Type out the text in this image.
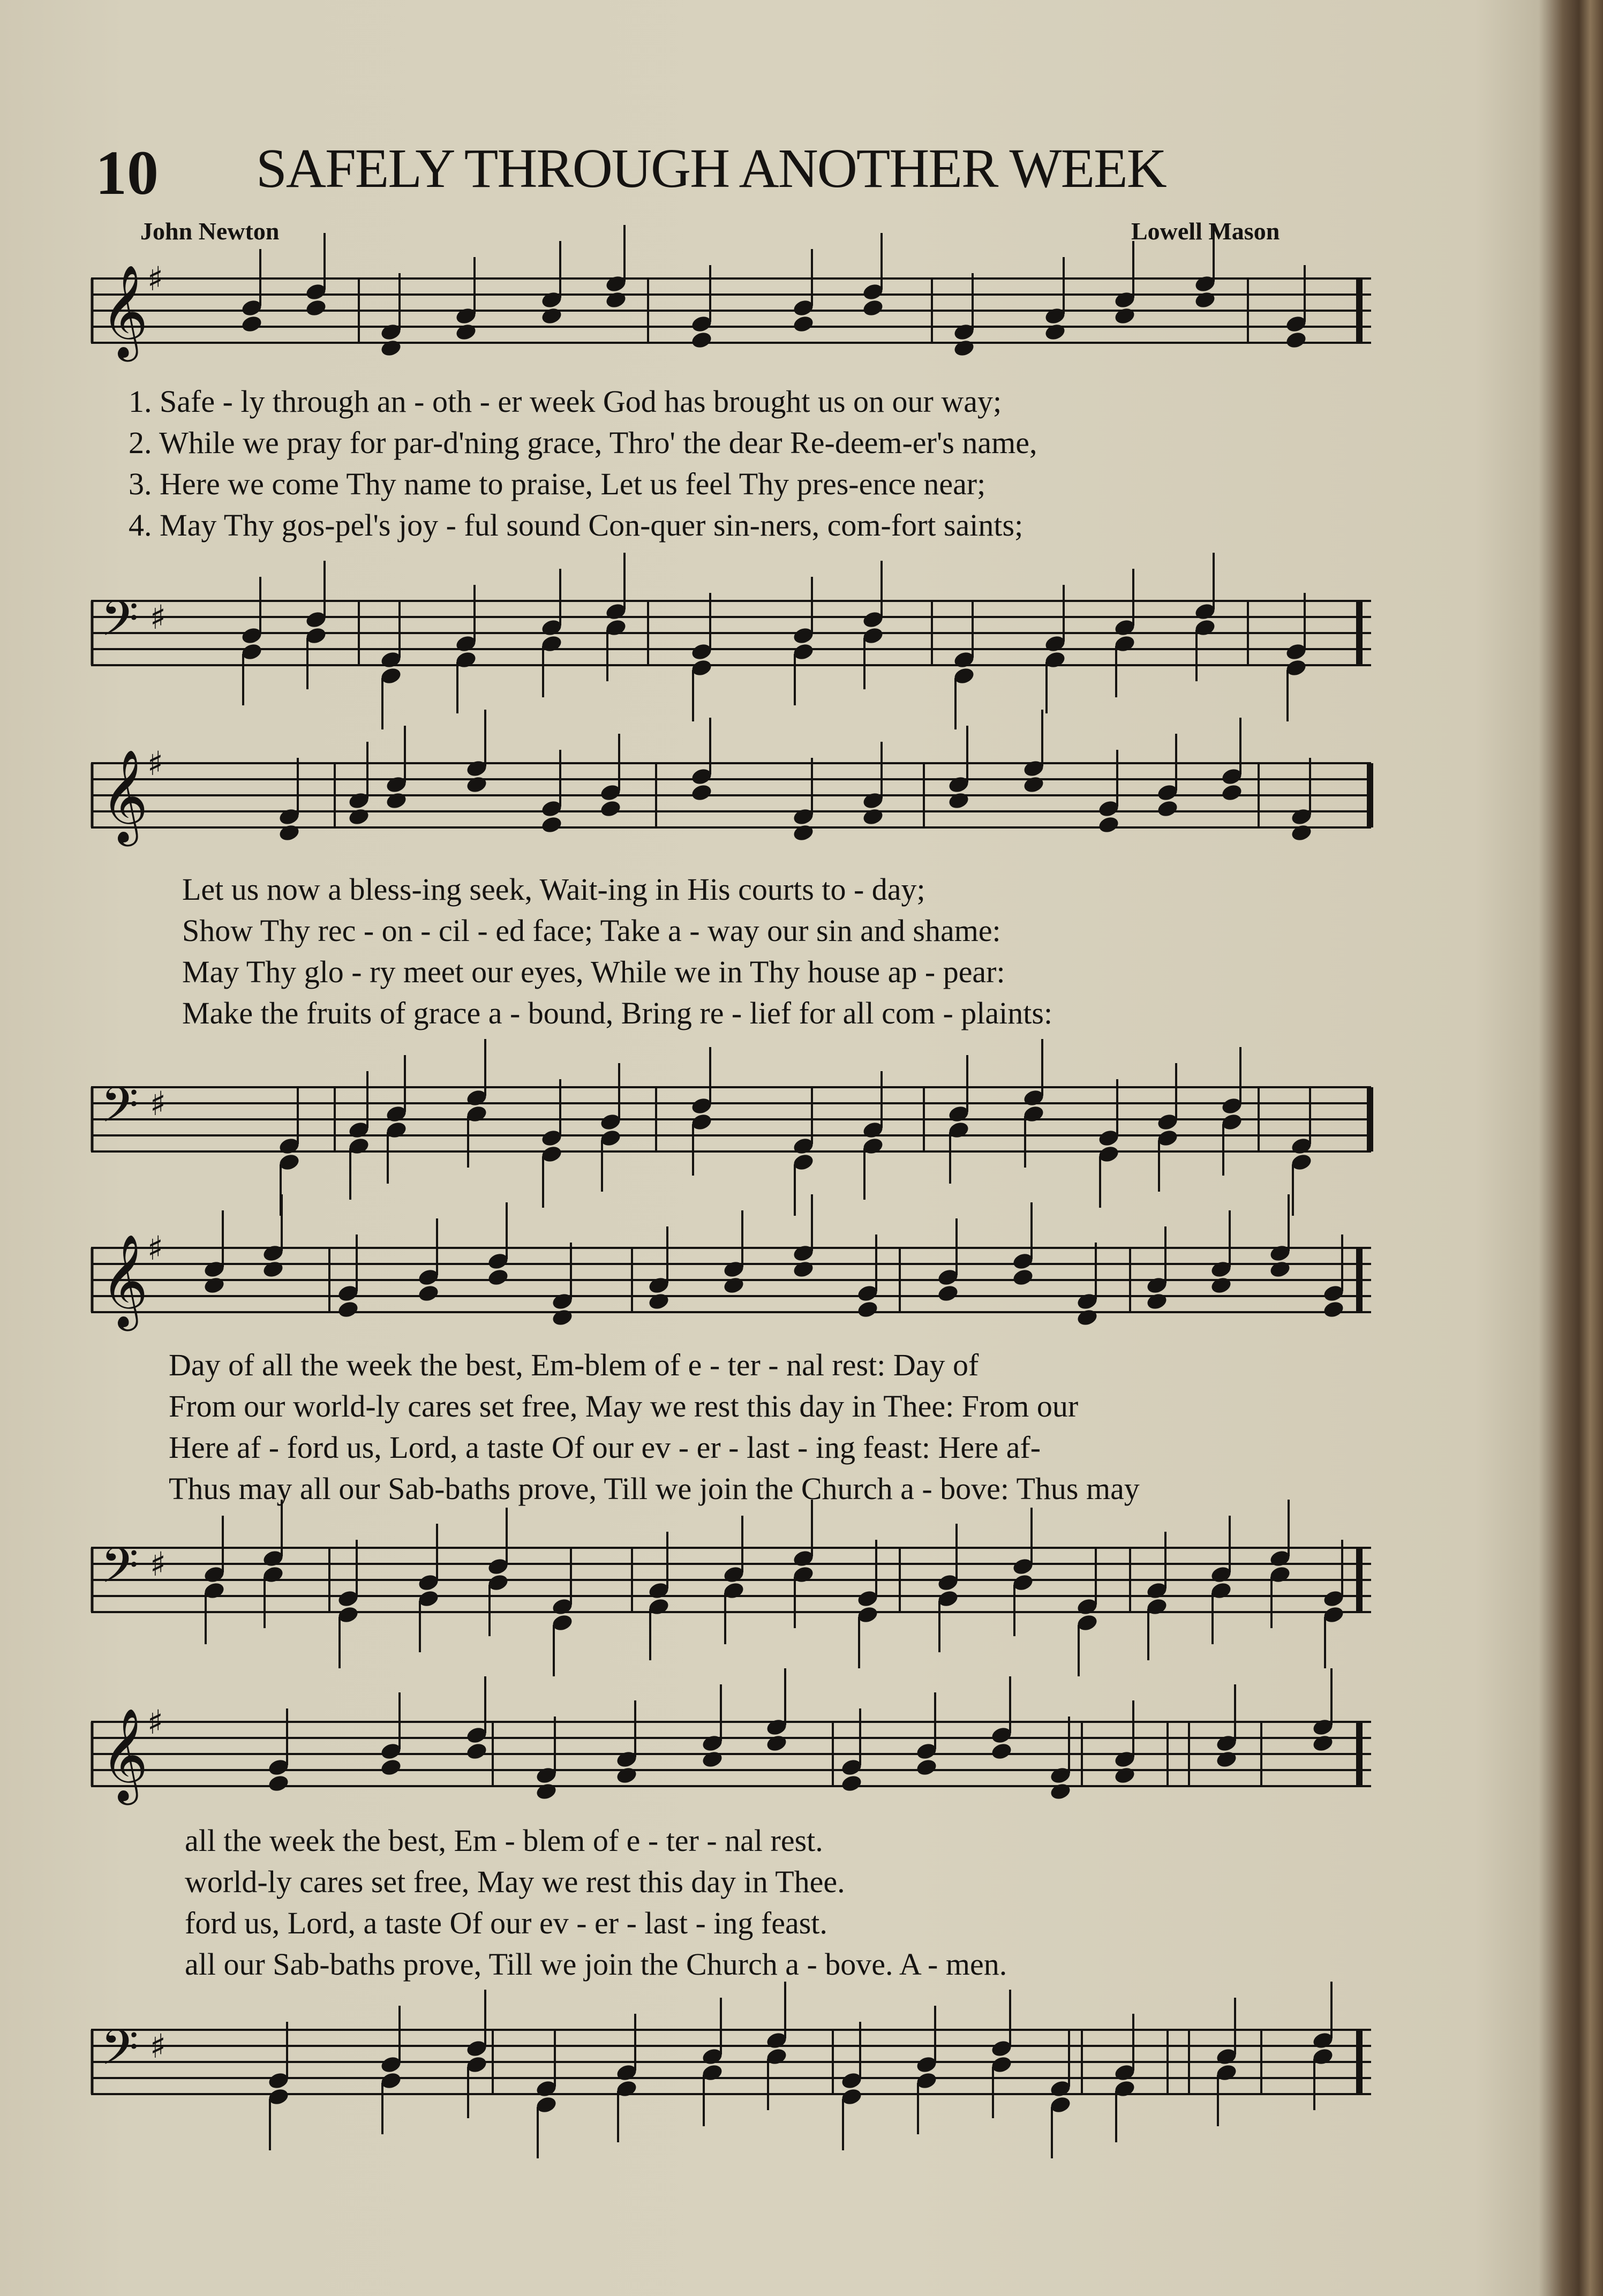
10 SAFELY THROUGH ANOTHER WEEK
John Newton	Lowell Mason
𝄞
♯
1. Safe - ly through an - oth - er week God has brought us on our way;
2. While we pray for par-d'ning grace, Thro' the dear Re-deem-er's name,
3. Here we come Thy name to praise, Let us feel Thy pres-ence near;
4. May Thy gos-pel's joy - ful sound Con-quer sin-ners, com-fort saints;
𝄢 ♯
𝄞
♯
Let us now a bless-ing seek, Wait-ing in His courts to - day;
Show Thy rec - on - cil - ed face; Take a - way our sin and shame:
May Thy glo - ry meet our eyes, While we in Thy house ap - pear:
Make the fruits of grace a - bound, Bring re - lief for all com - plaints:
𝄢 ♯
𝄞
♯
Day of all the week the best, Em-blem of e - ter - nal rest: Day of
From our world-ly cares set free, May we rest this day in Thee: From our
Here af - ford us, Lord, a taste Of our ev - er - last - ing feast: Here af-
Thus may all our Sab-baths prove, Till we join the Church a - bove: Thus may
𝄢 ♯
𝄞
♯
all the week the best, Em - blem of e - ter - nal rest.
world-ly cares set free, May we rest this day in Thee.
ford us, Lord, a taste Of our ev - er - last - ing feast.
all our Sab-baths prove, Till we join the Church a - bove. A - men.
𝄢 ♯
